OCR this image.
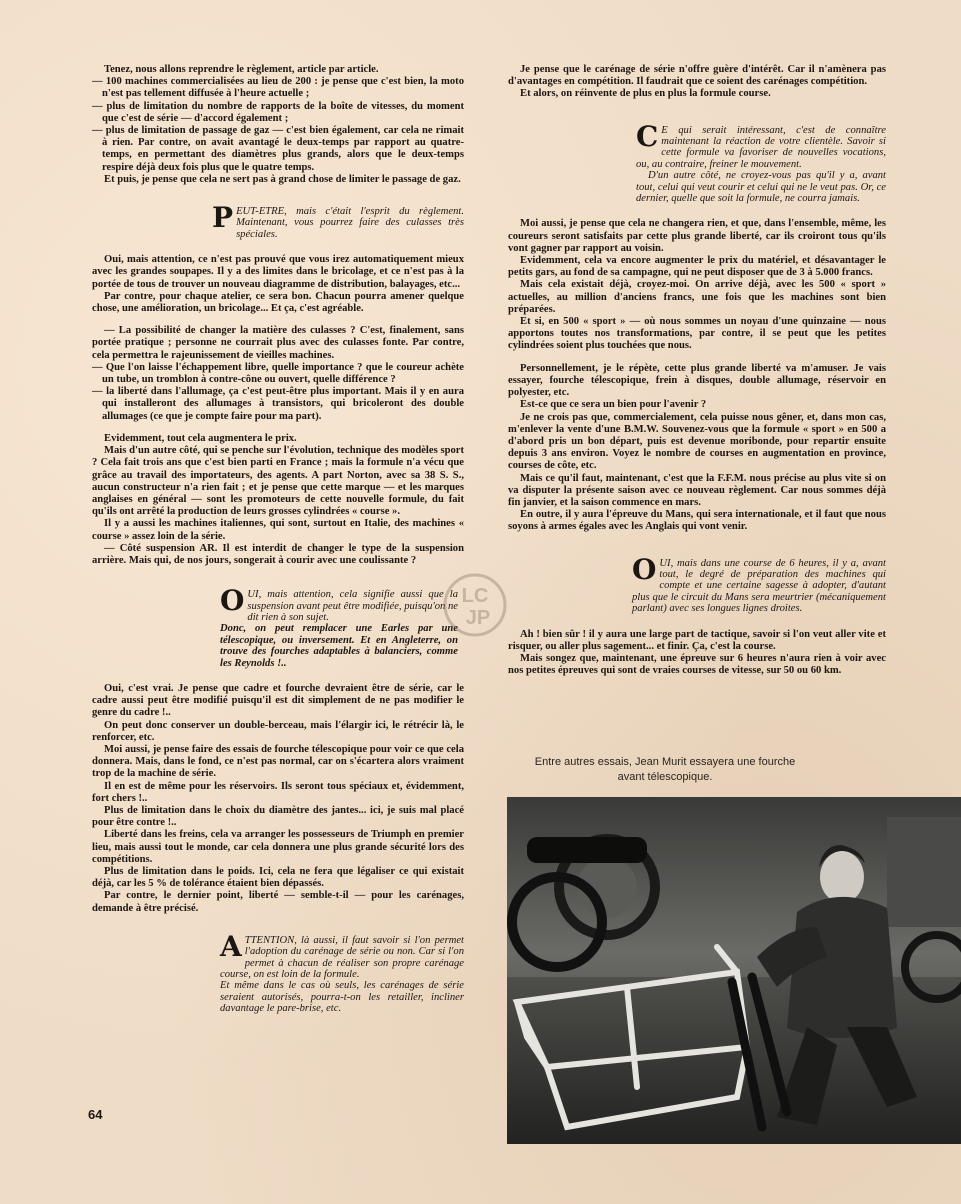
Tenez, nous allons reprendre le règlement, article par article.

— 100 machines commercialisées au lieu de 200 : je pense que c'est bien, la moto n'est pas tellement diffusée à l'heure actuelle ;

— plus de limitation du nombre de rapports de la boîte de vitesses, du moment que c'est de série — d'accord également ;

— plus de limitation de passage de gaz — c'est bien également, car cela ne rimait à rien. Par contre, on avait avantagé le deux-temps par rapport au quatre-temps, en permettant des diamètres plus grands, alors que le deux-temps respire déjà deux fois plus que le quatre temps.

Et puis, je pense que cela ne sert pas à grand chose de limiter le passage de gaz.

P EUT-ETRE, mais c'était l'esprit du règlement. Maintenant, vous pourrez faire des culasses très spéciales.

Oui, mais attention, ce n'est pas prouvé que vous irez automatiquement mieux avec les grandes soupapes. Il y a des limites dans le bricolage, et ce n'est pas à la portée de tous de trouver un nouveau diagramme de distribution, balayages, etc...

Par contre, pour chaque atelier, ce sera bon. Chacun pourra amener quelque chose, une amélioration, un bricolage... Et ça, c'est agréable.

— La possibilité de changer la matière des culasses ? C'est, finalement, sans portée pratique ; personne ne courrait plus avec des culasses fonte. Par contre, cela permettra le rajeunissement de vieilles machines.

— Que l'on laisse l'échappement libre, quelle importance ? que le coureur achète un tube, un tromblon à contre-cône ou ouvert, quelle différence ?

— la liberté dans l'allumage, ça c'est peut-être plus important. Mais il y en aura qui installeront des allumages à transistors, qui bricoleront des double allumages (ce que je compte faire pour ma part).

Evidemment, tout cela augmentera le prix.

Mais d'un autre côté, qui se penche sur l'évolution, technique des modèles sport ? Cela fait trois ans que c'est bien parti en France ; mais la formule n'a vécu que grâce au travail des importateurs, des agents. A part Norton, avec sa 38 S. S., aucun constructeur n'a rien fait ; et je pense que cette marque — et les marques anglaises en général — sont les promoteurs de cette nouvelle formule, du fait qu'ils ont arrêté la production de leurs grosses cylindrées « course ».

Il y a aussi les machines italiennes, qui sont, surtout en Italie, des machines « course » assez loin de la série.

— Côté suspension AR. Il est interdit de changer le type de la suspension arrière. Mais qui, de nos jours, songerait à courir avec une coulissante ?

O UI, mais attention, cela signifie aussi que la suspension avant peut être modifiée, puisqu'on ne dit rien à son sujet.

Donc, on peut remplacer une Earles par une télescopique, ou inversement. Et en Angleterre, on trouve des fourches adaptables à balanciers, comme les Reynolds !..

Oui, c'est vrai. Je pense que cadre et fourche devraient être de série, car le cadre aussi peut être modifié puisqu'il est dit simplement de ne pas modifier le genre du cadre !..

On peut donc conserver un double-berceau, mais l'élargir ici, le rétrécir là, le renforcer, etc.

Moi aussi, je pense faire des essais de fourche télescopique pour voir ce que cela donnera. Mais, dans le fond, ce n'est pas normal, car on s'écartera alors vraiment trop de la machine de série.

Il en est de même pour les réservoirs. Ils seront tous spéciaux et, évidemment, fort chers !..

Plus de limitation dans le choix du diamètre des jantes... ici, je suis mal placé pour être contre !..

Liberté dans les freins, cela va arranger les possesseurs de Triumph en premier lieu, mais aussi tout le monde, car cela donnera une plus grande sécurité lors des compétitions.

Plus de limitation dans le poids. Ici, cela ne fera que légaliser ce qui existait déjà, car les 5 % de tolérance étaient bien dépassés.

Par contre, le dernier point, liberté — semble-t-il — pour les carénages, demande à être précisé.

A TTENTION, là aussi, il faut savoir si l'on permet l'adoption du carénage de série ou non. Car si l'on permet à chacun de réaliser son propre carénage course, on est loin de la formule.

Et même dans le cas où seuls, les carénages de série seraient autorisés, pourra-t-on les retailler, incliner davantage le pare-brise, etc.

Je pense que le carénage de série n'offre guère d'intérêt. Car il n'amènera pas d'avantages en compétition. Il faudrait que ce soient des carénages compétition.

Et alors, on réinvente de plus en plus la formule course.

C E qui serait intéressant, c'est de connaître maintenant la réaction de votre clientèle. Savoir si cette formule va favoriser de nouvelles vocations, ou, au contraire, freiner le mouvement.

D'un autre côté, ne croyez-vous pas qu'il y a, avant tout, celui qui veut courir et celui qui ne le veut pas. Or, ce dernier, quelle que soit la formule, ne courra jamais.

Moi aussi, je pense que cela ne changera rien, et que, dans l'ensemble, même, les coureurs seront satisfaits par cette plus grande liberté, car ils croiront tous qu'ils vont gagner par rapport au voisin.

Evidemment, cela va encore augmenter le prix du matériel, et désavantager le petits gars, au fond de sa campagne, qui ne peut disposer que de 3 à 5.000 francs.

Mais cela existait déjà, croyez-moi. On arrive déjà, avec les 500 « sport » actuelles, au million d'anciens francs, une fois que les machines sont bien préparées.

Et si, en 500 « sport » — où nous sommes un noyau d'une quinzaine — nous apportons toutes nos transformations, par contre, il se peut que les petites cylindrées soient plus touchées que nous.

Personnellement, je le répète, cette plus grande liberté va m'amuser. Je vais essayer, fourche télescopique, frein à disques, double allumage, réservoir en polyester, etc.

Est-ce que ce sera un bien pour l'avenir ?

Je ne crois pas que, commercialement, cela puisse nous gêner, et, dans mon cas, m'enlever la vente d'une B.M.W. Souvenez-vous que la formule « sport » en 500 a d'abord pris un bon départ, puis est devenue moribonde, pour repartir ensuite depuis 3 ans environ. Voyez le nombre de courses en augmentation en province, courses de côte, etc.

Mais ce qu'il faut, maintenant, c'est que la F.F.M. nous précise au plus vite si on va disputer la présente saison avec ce nouveau règlement. Car nous sommes déjà fin janvier, et la saison commence en mars.

En outre, il y aura l'épreuve du Mans, qui sera internationale, et il faut que nous soyons à armes égales avec les Anglais qui vont venir.

O UI, mais dans une course de 6 heures, il y a, avant tout, le degré de préparation des machines qui compte et une certaine sagesse à adopter, d'autant plus que le circuit du Mans sera meurtrier (mécaniquement parlant) avec ses longues lignes droites.

Ah ! bien sûr ! il y aura une large part de tactique, savoir si l'on veut aller vite et risquer, ou aller plus sagement... et finir. Ça, c'est la course.

Mais songez que, maintenant, une épreuve sur 6 heures n'aura rien à voir avec nos petites épreuves qui sont de vraies courses de vitesse, sur 50 ou 60 km.

Entre autres essais, Jean Murit essayera une fourche avant télescopique.
LC
JP
64
